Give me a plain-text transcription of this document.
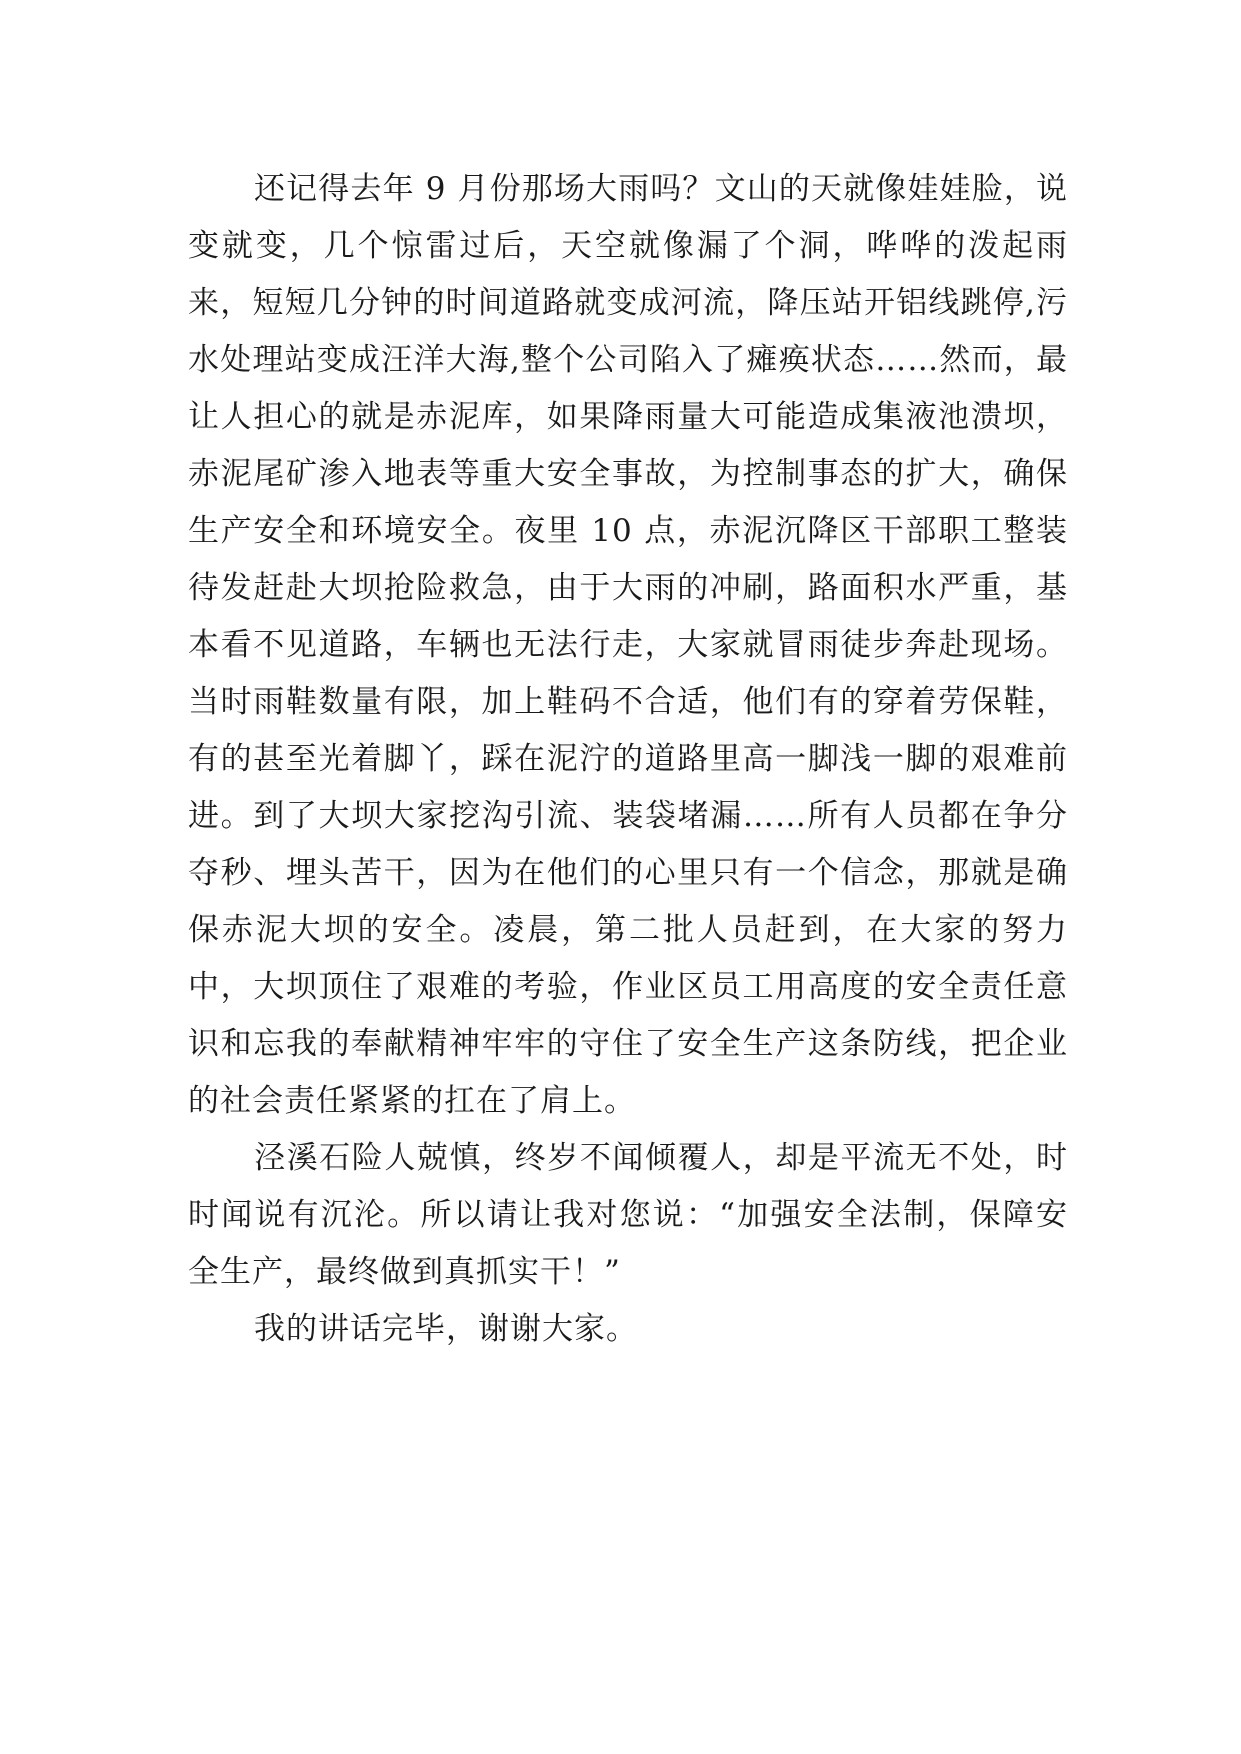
还记得去年 9 月份那场大雨吗？文山的天就像娃娃脸，说变就变，几个惊雷过后，天空就像漏了个洞，哗哗的泼起雨来，短短几分钟的时间道路就变成河流，降压站开铝线跳停,污水处理站变成汪洋大海,整个公司陷入了瘫痪状态……然而，最让人担心的就是赤泥库，如果降雨量大可能造成集液池溃坝，赤泥尾矿渗入地表等重大安全事故，为控制事态的扩大，确保生产安全和环境安全。夜里 10 点，赤泥沉降区干部职工整装待发赶赴大坝抢险救急，由于大雨的冲刷，路面积水严重，基本看不见道路，车辆也无法行走，大家就冒雨徒步奔赴现场。当时雨鞋数量有限，加上鞋码不合适，他们有的穿着劳保鞋，有的甚至光着脚丫，踩在泥泞的道路里高一脚浅一脚的艰难前进。到了大坝大家挖沟引流、装袋堵漏……所有人员都在争分夺秒、埋头苦干，因为在他们的心里只有一个信念，那就是确保赤泥大坝的安全。凌晨，第二批人员赶到，在大家的努力中，大坝顶住了艰难的考验，作业区员工用高度的安全责任意识和忘我的奉献精神牢牢的守住了安全生产这条防线，把企业的社会责任紧紧的扛在了肩上。

泾溪石险人兢慎，终岁不闻倾覆人，却是平流无不处，时时闻说有沉沦。所以请让我对您说：“加强安全法制，保障安全生产，最终做到真抓实干！”

我的讲话完毕，谢谢大家。
